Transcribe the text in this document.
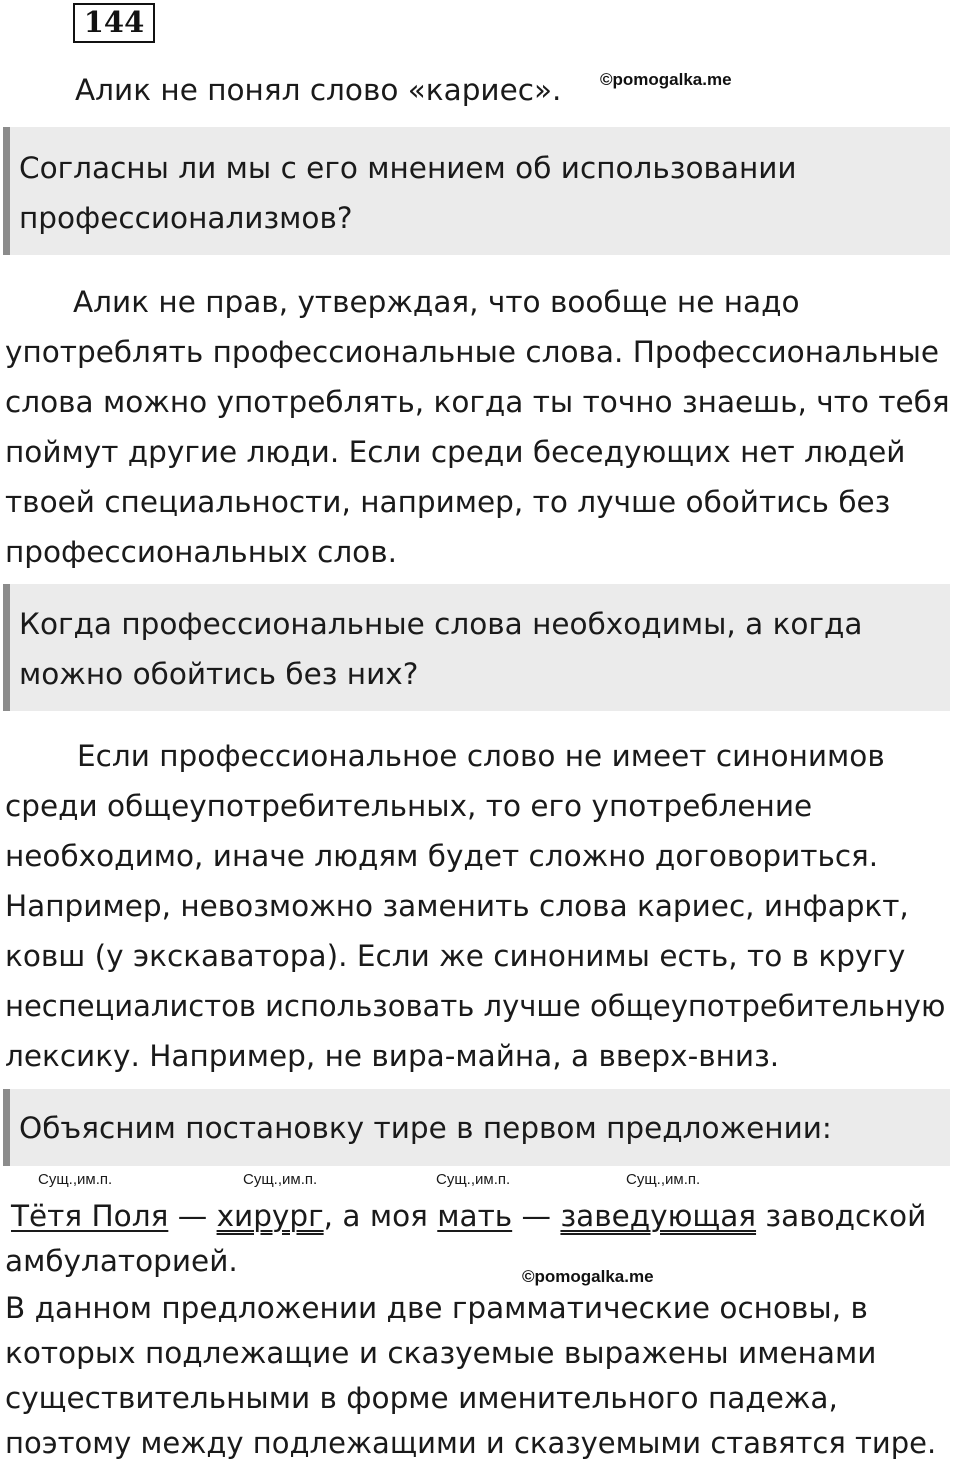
144
Алик не понял слово «кариес». ©pomogalka.me
Согласны ли мы с его мнением об использовании
профессионализмов?
Алик не прав, утверждая, что вообще не надо
употреблять профессиональные слова. Профессиональные
слова можно употреблять, когда ты точно знаешь, что тебя
поймут другие люди. Если среди беседующих нет людей
твоей специальности, например, то лучше обойтись без
профессиональных слов.
Когда профессиональные слова необходимы, а когда
можно обойтись без них?
Если профессиональное слово не имеет синонимов
среди общеупотребительных, то его употребление
необходимо, иначе людям будет сложно договориться.
Например, невозможно заменить слова кариес, инфаркт,
ковш (у экскаватора). Если же синонимы есть, то в кругу
неспециалистов использовать лучше общеупотребительную
лексику. Например, не вира-майна, а вверх-вниз.
Объясним постановку тире в первом предложении:
Сущ.,им.п.	Сущ.,им.п.	Сущ.,им.п.	Сущ.,им.п.
Тётя Поля — хирург, а моя мать — заведующая заводской
амбулаторией.	©pomogalka.me
В данном предложении две грамматические основы, в
которых подлежащие и сказуемые выражены именами
существительными в форме именительного падежа,
поэтому между подлежащими и сказуемыми ставятся тире.
